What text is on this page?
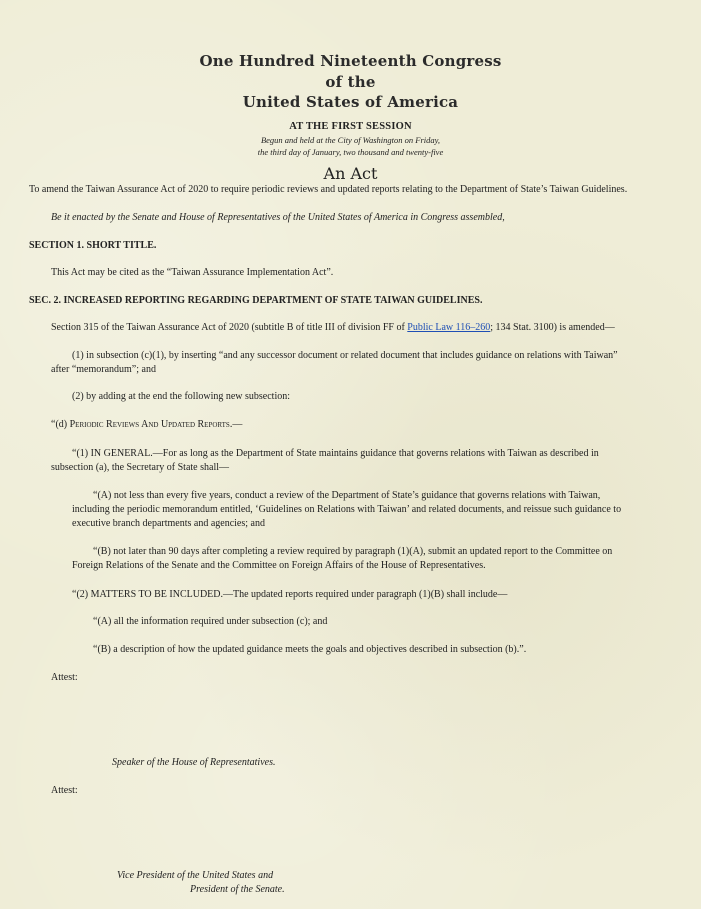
One Hundred Nineteenth Congress
of the
United States of America
AT THE FIRST SESSION
Begun and held at the City of Washington on Friday,
the third day of January, two thousand and twenty-five
An Act
To amend the Taiwan Assurance Act of 2020 to require periodic reviews and updated reports relating to the Department of State’s Taiwan Guidelines.
Be it enacted by the Senate and House of Representatives of the United States of America in Congress assembled,
SECTION 1. SHORT TITLE.
This Act may be cited as the “Taiwan Assurance Implementation Act”.
SEC. 2. INCREASED REPORTING REGARDING DEPARTMENT OF STATE TAIWAN GUIDELINES.
Section 315 of the Taiwan Assurance Act of 2020 (subtitle B of title III of division FF of Public Law 116–260; 134 Stat. 3100) is amended—
(1) in subsection (c)(1), by inserting “and any successor document or related document that includes guidance on relations with Taiwan”
after “memorandum”; and
(2) by adding at the end the following new subsection:
“(d) Periodic Reviews And Updated Reports.—
“(1) IN GENERAL.—For as long as the Department of State maintains guidance that governs relations with Taiwan as described in
subsection (a), the Secretary of State shall—
“(A) not less than every five years, conduct a review of the Department of State’s guidance that governs relations with Taiwan,
including the periodic memorandum entitled, ‘Guidelines on Relations with Taiwan’ and related documents, and reissue such guidance to
executive branch departments and agencies; and
“(B) not later than 90 days after completing a review required by paragraph (1)(A), submit an updated report to the Committee on
Foreign Relations of the Senate and the Committee on Foreign Affairs of the House of Representatives.
“(2) MATTERS TO BE INCLUDED.—The updated reports required under paragraph (1)(B) shall include—
“(A) all the information required under subsection (c); and
“(B) a description of how the updated guidance meets the goals and objectives described in subsection (b).”.
Attest:
Speaker of the House of Representatives.
Attest:
Vice President of the United States and
President of the Senate.
